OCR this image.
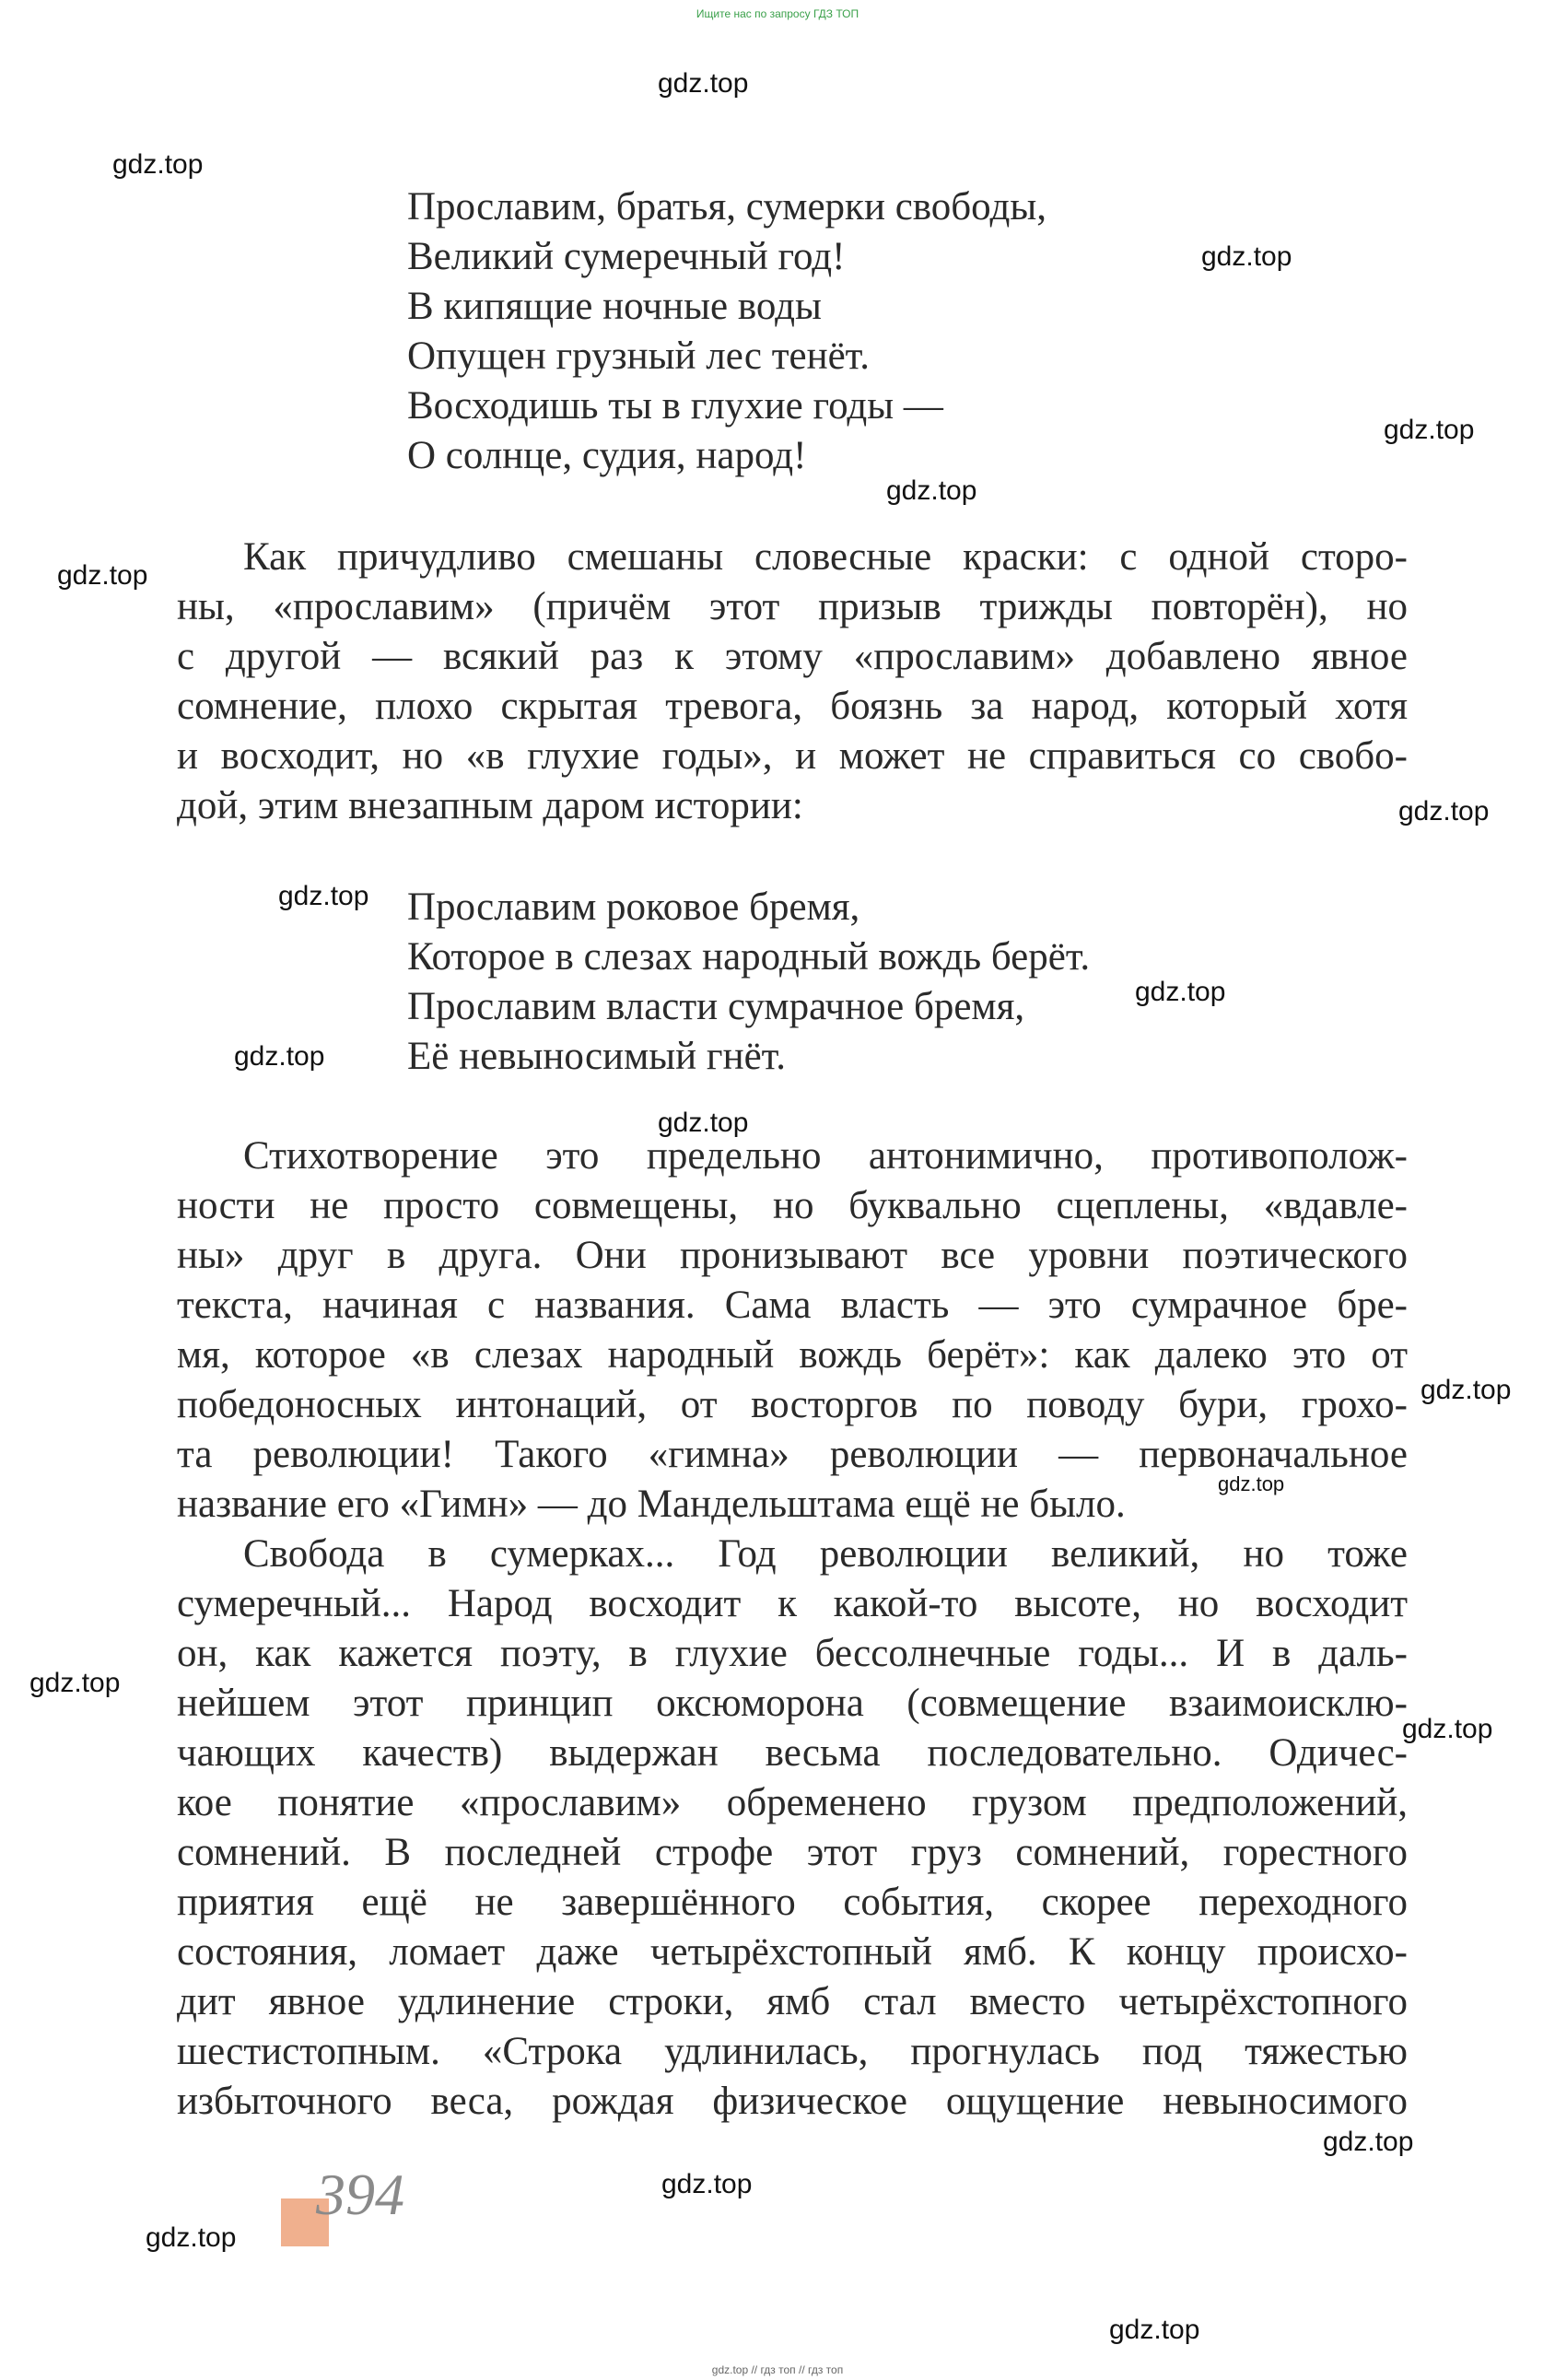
Ищите нас по запросу ГДЗ ТОП
gdz.top
gdz.top
gdz.top
gdz.top
gdz.top
gdz.top
gdz.top
gdz.top
gdz.top
gdz.top
gdz.top
gdz.top
gdz.top
gdz.top
gdz.top
gdz.top
gdz.top
gdz.top
gdz.top
Прославим, братья, сумерки свободы,
Великий сумеречный год!
В кипящие ночные воды
Опущен грузный лес тенёт.
Восходишь ты в глухие годы —
О солнце, судия, народ!
Как причудливо смешаны словесные краски: с одной сторо-
ны, «прославим» (причём этот призыв трижды повторён), но
с другой — всякий раз к этому «прославим» добавлено явное
сомнение, плохо скрытая тревога, боязнь за народ, который хотя
и восходит, но «в глухие годы», и может не справиться со свобо-
дой, этим внезапным даром истории:
Прославим роковое бремя,
Которое в слезах народный вождь берёт.
Прославим власти сумрачное бремя,
Её невыносимый гнёт.
Стихотворение это предельно антонимично, противополож-
ности не просто совмещены, но буквально сцеплены, «вдавле-
ны» друг в друга. Они пронизывают все уровни поэтического
текста, начиная с названия. Сама власть — это сумрачное бре-
мя, которое «в слезах народный вождь берёт»: как далеко это от
победоносных интонаций, от восторгов по поводу бури, грохо-
та революции! Такого «гимна» революции — первоначальное
название его «Гимн» — до Мандельштама ещё не было.
Свобода в сумерках... Год революции великий, но тоже
сумеречный... Народ восходит к какой-то высоте, но восходит
он, как кажется поэту, в глухие бессолнечные годы... И в даль-
нейшем этот принцип оксюморона (совмещение взаимоисклю-
чающих качеств) выдержан весьма последовательно. Одичес-
кое понятие «прославим» обременено грузом предположений,
сомнений. В последней строфе этот груз сомнений, горестного
приятия ещё не завершённого события, скорее переходного
состояния, ломает даже четырёхстопный ямб. К концу происхо-
дит явное удлинение строки, ямб стал вместо четырёхстопного
шестистопным. «Строка удлинилась, прогнулась под тяжестью
избыточного веса, рождая физическое ощущение невыносимого
394
gdz.top // гдз топ // гдз топ
